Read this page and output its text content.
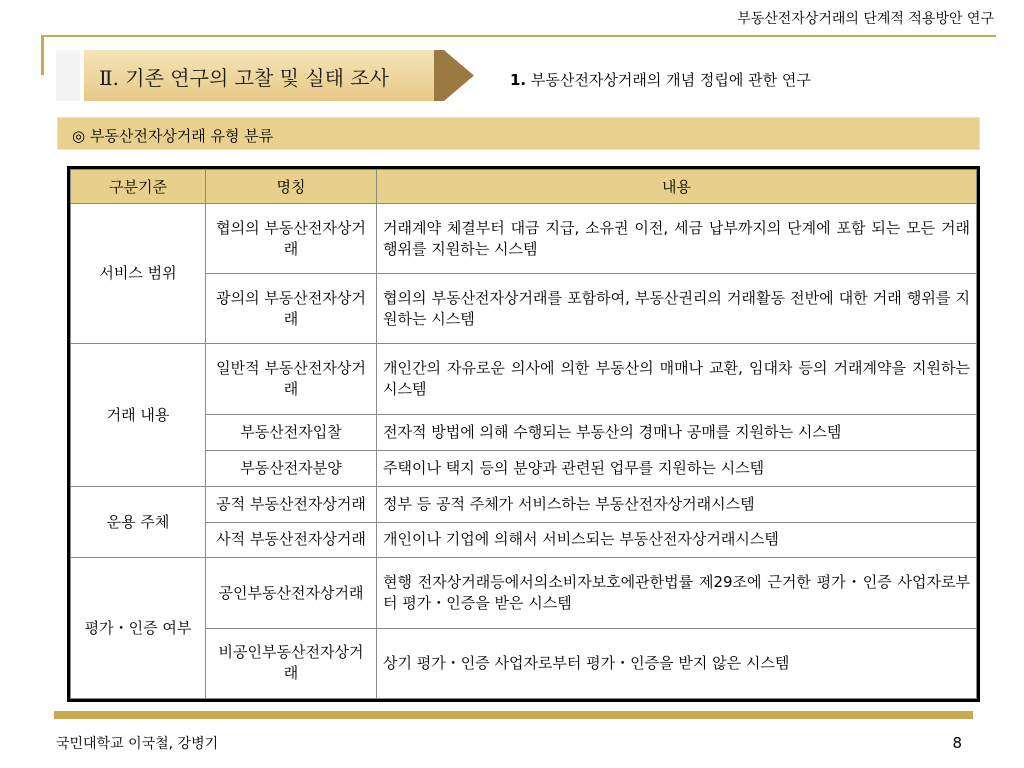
부동산전자상거래의 단계적 적용방안 연구
Ⅱ. 기존 연구의 고찰 및 실태 조사	1. 부동산전자상거래의 개념 정립에 관한 연구
◎ 부동산전자상거래 유형 분류
구분기준	명칭	내용
서비스 범위	협의의 부동산전자상거래	거래계약 체결부터 대금 지급, 소유권 이전, 세금 납부까지의 단계에 포함 되는 모든 거래 행위를 지원하는 시스템
	광의의 부동산전자상거래	협의의 부동산전자상거래를 포함하여, 부동산권리의 거래활동 전반에 대한 거래 행위를 지원하는 시스템
거래 내용	일반적 부동산전자상거래	개인간의 자유로운 의사에 의한 부동산의 매매나 교환, 임대차 등의 거래계약을 지원하는 시스템
	부동산전자입찰	전자적 방법에 의해 수행되는 부동산의 경매나 공매를 지원하는 시스템
	부동산전자분양	주택이나 택지 등의 분양과 관련된 업무를 지원하는 시스템
운용 주체	공적 부동산전자상거래	정부 등 공적 주체가 서비스하는 부동산전자상거래시스템
	사적 부동산전자상거래	개인이나 기업에 의해서 서비스되는 부동산전자상거래시스템
평가・인증 여부	공인부동산전자상거래	현행 전자상거래등에서의소비자보호에관한법률 제29조에 근거한 평가・인증 사업자로부터 평가・인증을 받은 시스템
	비공인부동산전자상거래	상기 평가・인증 사업자로부터 평가・인증을 받지 않은 시스템
국민대학교 이국철, 강병기	8
